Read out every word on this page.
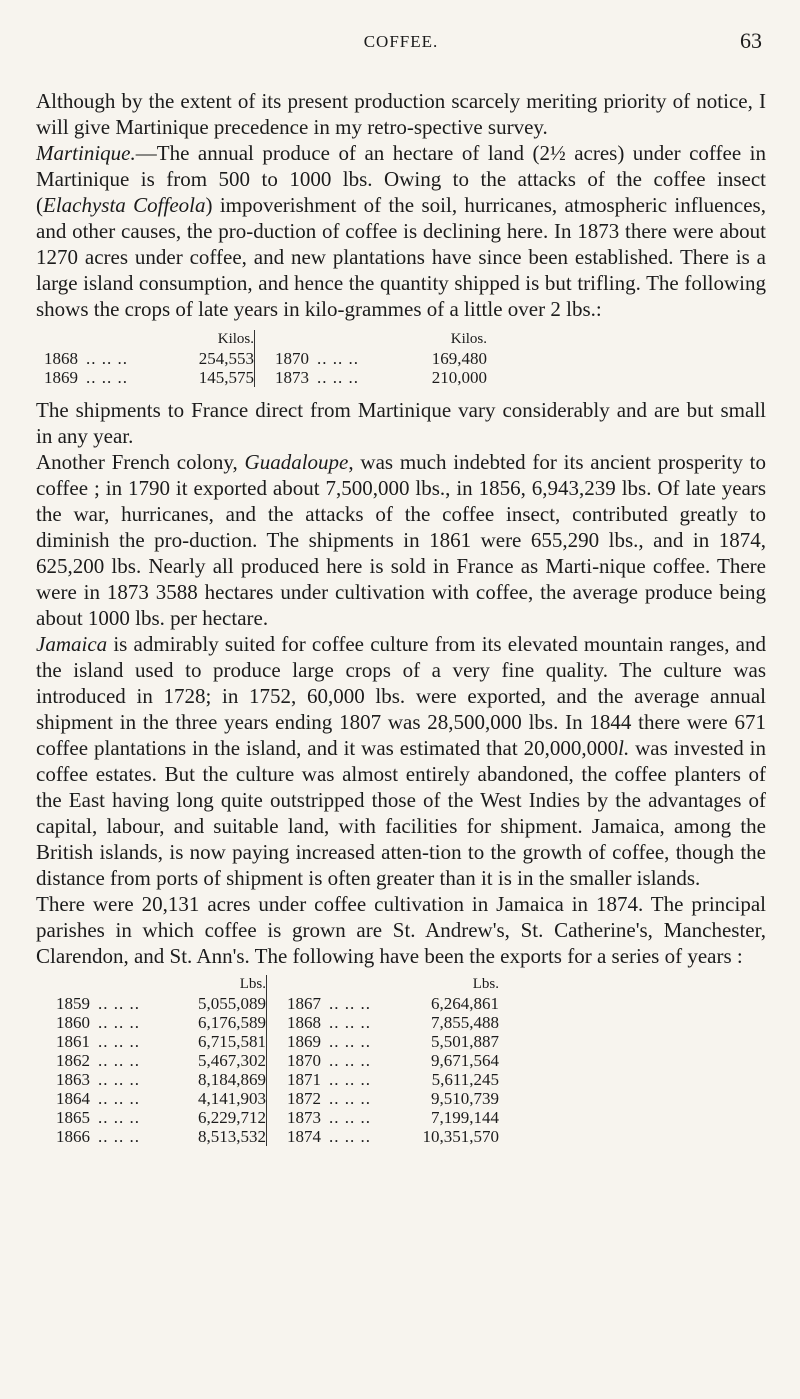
COFFEE.	63

Although by the extent of its present production scarcely meriting priority of notice, I will give Martinique precedence in my retro-spective survey.

Martinique.—The annual produce of an hectare of land (2½ acres) under coffee in Martinique is from 500 to 1000 lbs. Owing to the attacks of the coffee insect (Elachysta Coffeola) impoverishment of the soil, hurricanes, atmospheric influences, and other causes, the pro-duction of coffee is declining here. In 1873 there were about 1270 acres under coffee, and new plantations have since been established. There is a large island consumption, and hence the quantity shipped is but trifling. The following shows the crops of late years in kilo-grammes of a little over 2 lbs.:

		Kilos.				Kilos.
1868	.. .. ..	254,553		1870	.. .. ..	169,480
1869	.. .. ..	145,575		1873	.. .. ..	210,000

The shipments to France direct from Martinique vary considerably and are but small in any year.

Another French colony, Guadaloupe, was much indebted for its ancient prosperity to coffee ; in 1790 it exported about 7,500,000 lbs., in 1856, 6,943,239 lbs. Of late years the war, hurricanes, and the attacks of the coffee insect, contributed greatly to diminish the pro-duction. The shipments in 1861 were 655,290 lbs., and in 1874, 625,200 lbs. Nearly all produced here is sold in France as Marti-nique coffee. There were in 1873 3588 hectares under cultivation with coffee, the average produce being about 1000 lbs. per hectare.

Jamaica is admirably suited for coffee culture from its elevated mountain ranges, and the island used to produce large crops of a very fine quality. The culture was introduced in 1728; in 1752, 60,000 lbs. were exported, and the average annual shipment in the three years ending 1807 was 28,500,000 lbs. In 1844 there were 671 coffee plantations in the island, and it was estimated that 20,000,000l. was invested in coffee estates. But the culture was almost entirely abandoned, the coffee planters of the East having long quite outstripped those of the West Indies by the advantages of capital, labour, and suitable land, with facilities for shipment. Jamaica, among the British islands, is now paying increased atten-tion to the growth of coffee, though the distance from ports of shipment is often greater than it is in the smaller islands.

There were 20,131 acres under coffee cultivation in Jamaica in 1874. The principal parishes in which coffee is grown are St. Andrew's, St. Catherine's, Manchester, Clarendon, and St. Ann's. The following have been the exports for a series of years :

		Lbs.				Lbs.
1859	.. .. ..	5,055,089		1867	.. .. ..	6,264,861
1860	.. .. ..	6,176,589		1868	.. .. ..	7,855,488
1861	.. .. ..	6,715,581		1869	.. .. ..	5,501,887
1862	.. .. ..	5,467,302		1870	.. .. ..	9,671,564
1863	.. .. ..	8,184,869		1871	.. .. ..	5,611,245
1864	.. .. ..	4,141,903		1872	.. .. ..	9,510,739
1865	.. .. ..	6,229,712		1873	.. .. ..	7,199,144
1866	.. .. ..	8,513,532		1874	.. .. ..	10,351,570
